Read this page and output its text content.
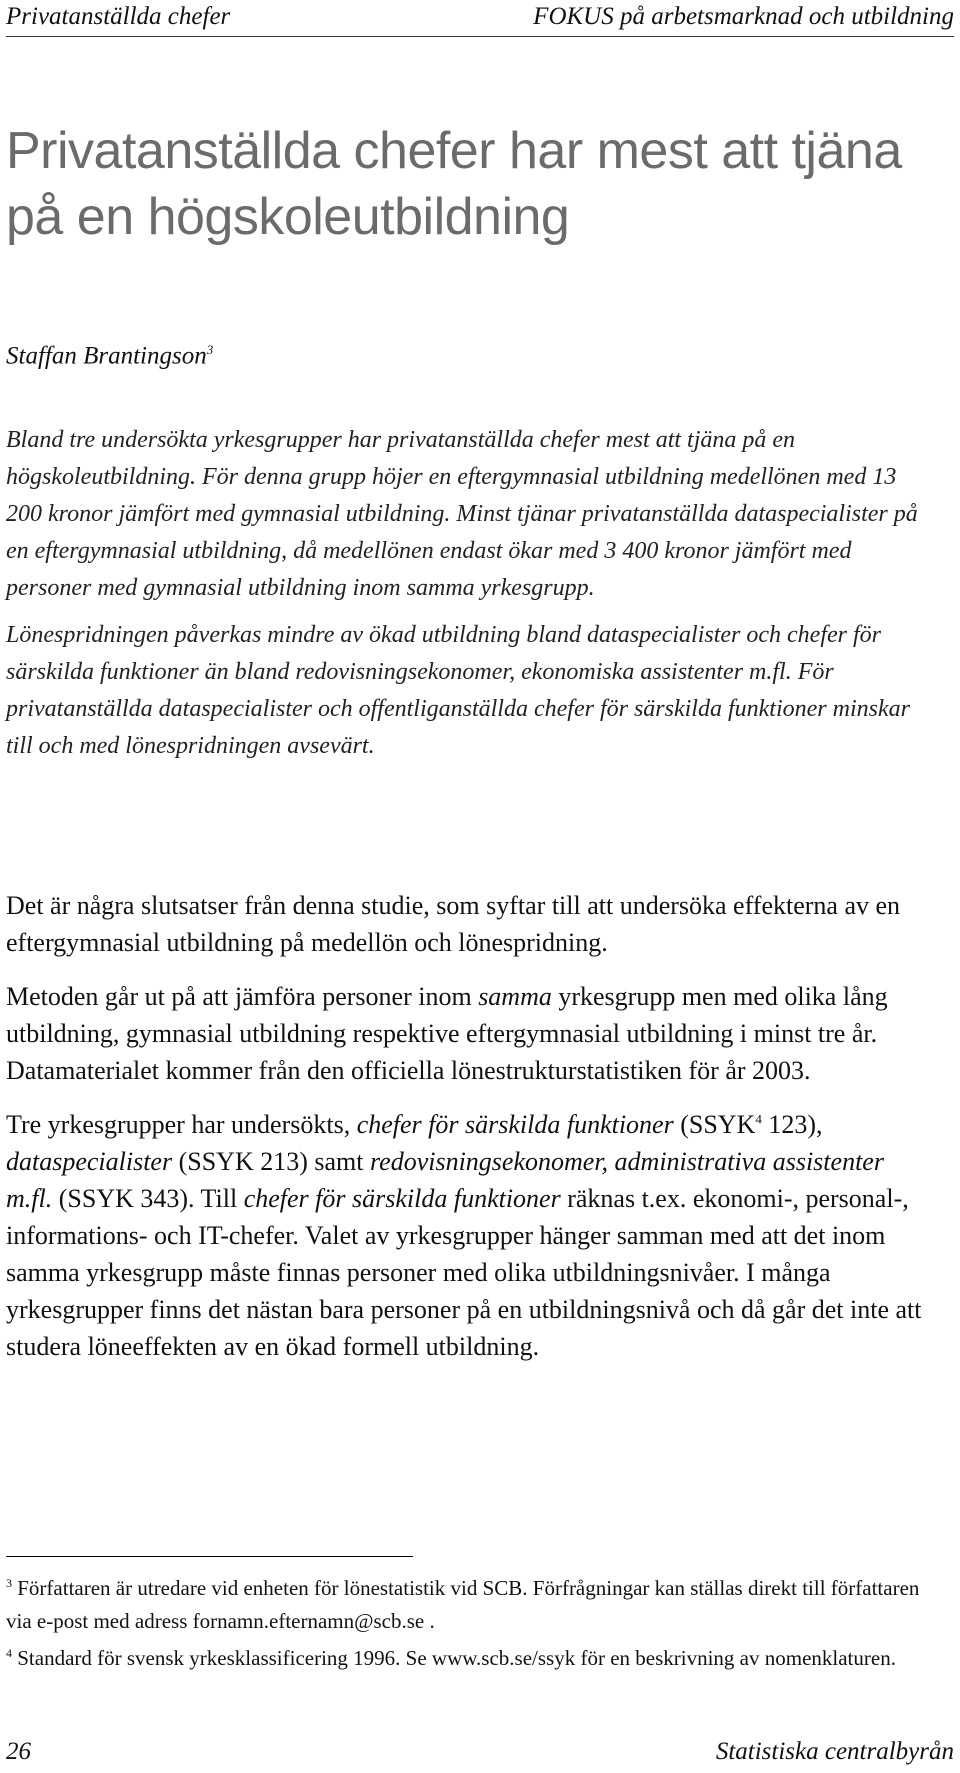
Privatanställda chefer	FOKUS på arbetsmarknad och utbildning
Privatanställda chefer har mest att tjäna på en högskoleutbildning
Staffan Brantingson$^3$

Bland tre undersökta yrkesgrupper har privatanställda chefer mest att tjäna på en högskoleutbildning. För denna grupp höjer en eftergymnasial utbildning medellönen med 13 200 kronor jämfört med gymnasial utbildning. Minst tjänar privatanställda dataspecialister på en eftergymnasial utbildning, då medellönen endast ökar med 3 400 kronor jämfört med personer med gymnasial utbildning inom samma yrkesgrupp.

Lönespridningen påverkas mindre av ökad utbildning bland dataspecialister och chefer för särskilda funktioner än bland redovisningsekonomer, ekonomiska assistenter m.fl. För privatanställda dataspecialister och offentliganställda chefer för särskilda funktioner minskar till och med lönespridningen avsevärt.

Det är några slutsatser från denna studie, som syftar till att undersöka effekterna av en eftergymnasial utbildning på medellön och lönespridning.

Metoden går ut på att jämföra personer inom samma yrkesgrupp men med olika lång utbildning, gymnasial utbildning respektive eftergymnasial utbildning i minst tre år. Datamaterialet kommer från den officiella lönestrukturstatistiken för år 2003.

Tre yrkesgrupper har undersökts, chefer för särskilda funktioner (SSYK$^4$ 123), dataspecialister (SSYK 213) samt redovisningsekonomer, administrativa assistenter m.fl. (SSYK 343). Till chefer för särskilda funktioner räknas t.ex. ekonomi-, personal-, informations- och IT-chefer. Valet av yrkesgrupper hänger samman med att det inom samma yrkesgrupp måste finnas personer med olika utbildningsnivåer. I många yrkesgrupper finns det nästan bara personer på en utbildningsnivå och då går det inte att studera löneeffekten av en ökad formell utbildning.

$^3$ Författaren är utredare vid enheten för lönestatistik vid SCB. Förfrågningar kan ställas direkt till författaren via e-post med adress fornamn.efternamn@scb.se .

$^4$ Standard för svensk yrkesklassificering 1996. Se www.scb.se/ssyk för en beskrivning av nomenklaturen.

26	Statistiska centralbyrån
